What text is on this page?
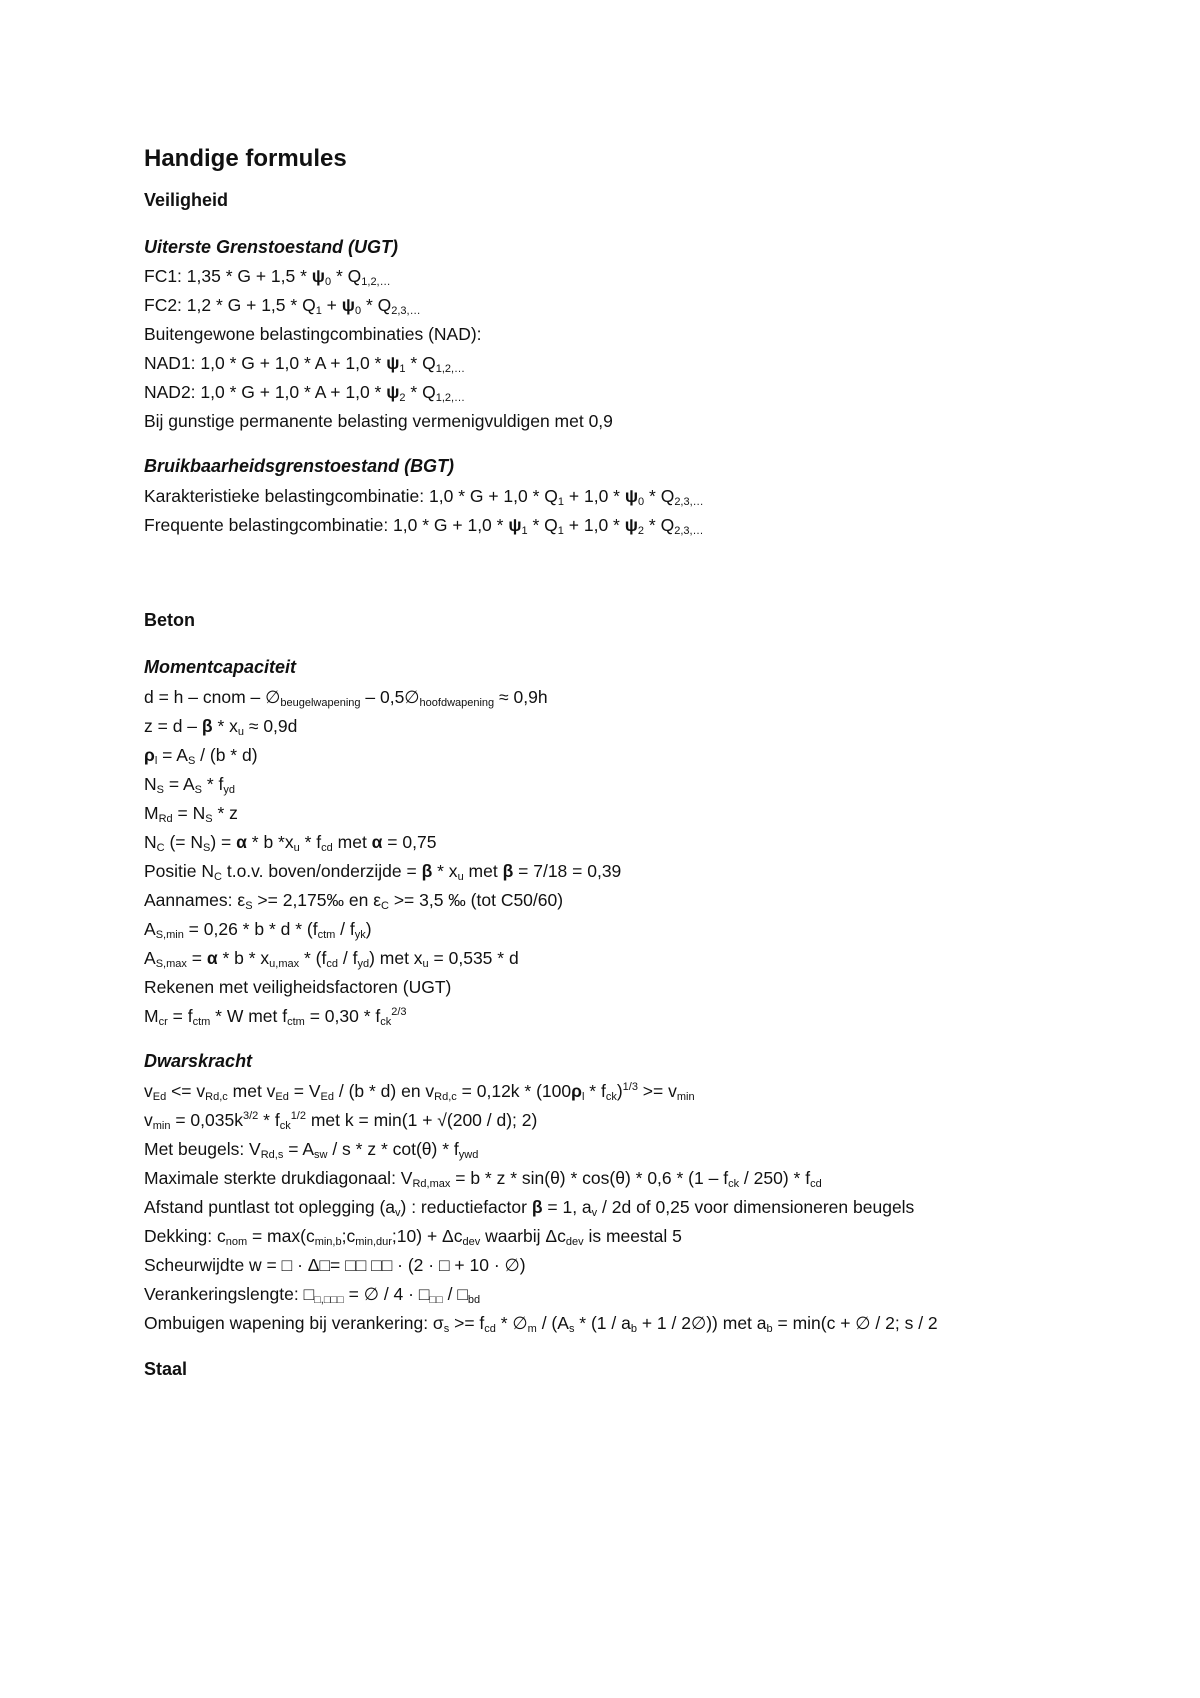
Handige formules
Veiligheid
Uiterste Grenstoestand (UGT)
FC1: $1,35 * G + 1,5 * \psi_0 * Q_{1,2,\dots}$
FC2: $1,2 * G + 1,5 * Q_1 + \psi_0 * Q_{2,3,\dots}$
Buitengewone belastingcombinaties (NAD):
NAD1: $1,0 * G + 1,0 * A + 1,0 * \psi_1 * Q_{1,2,\dots}$
NAD2: $1,0 * G + 1,0 * A + 1,0 * \psi_2 * Q_{1,2,\dots}$
Bij gunstige permanente belasting vermenigvuldigen met 0,9
Bruikbaarheidsgrenstoestand (BGT)
Karakteristieke belastingcombinatie: $1,0 * G + 1,0 * Q_1 + 1,0 * \psi_0 * Q_{2,3,\dots}$
Frequente belastingcombinatie: $1,0 * G + 1,0 * \psi_1 * Q_1 + 1,0 * \psi_2 * Q_{2,3,\dots}$
Beton
Momentcapaciteit
d = h – cnom – $\emptyset_{beugelwapening}$ – $0,5\emptyset_{hoofdwapening} \approx 0,9h$
$z = d - \beta * x_u \approx 0,9d$
$\rho_l = A_S / (b * d)$
$N_S = A_S * f_{yd}$
$M_{Rd} = N_S * z$
$N_C$ (= $N_S) = \alpha * b$ $*x_u * f_{cd}$ met α = 0,75
Positie $N_C$ t.o.v. boven/onderzijde = β * $x_u$ met β = 7/18 = 0,39
Aannames: $\varepsilon_S$ >= 2,175‰ en $\varepsilon_C >= 3,5$ ‰ (tot C50/60)
$A_{S,min} = 0,26 * b * d * (f_{ctm} / f_{yk})$
$A_{S,max} = \alpha * b * x_{u,max} * (f_{cd} / f_{yd})$ met $x_u = 0,535 * d$
Rekenen met veiligheidsfactoren (UGT)
$M_{cr} = f_{ctm} * W$ met $f_{ctm} = 0,30 * f_{ck}^{2/3}$
Dwarskracht
$v_{Ed} <= v_{Rd,c}$ met $v_{Ed} = V_{Ed} / (b * d)$ en $v_{Rd,c} = 0,12k * (100\rho_l * f_{ck})^{1/3} >= v_{min}$
$v_{min} = 0,035k^{3/2} * f_{ck}^{1/2}$ met k = min(1 + √(200 / d); 2)
Met beugels: $V_{Rd,s} = A_{sw} / s * z * \cot(\theta) * f_{ywd}$
Maximale sterkte drukdiagonaal: $V_{Rd,max} = b * z * \sin(\theta) * \cos(\theta) * 0,6 * (1 - f_{ck} / 250) * f_{cd}$
Afstand puntlast tot oplegging $(a_v)$ : reductiefactor β = 1, $a_v / 2d$ of 0,25 voor dimensioneren beugels
Dekking: $c_{nom}$ = $\max(c_{min,b};c_{min,dur};10) + \Delta c_{dev}$ waarbij $\Delta c_{dev}$ is meestal 5
Scheurwijdte w = □ · Δ□= □□ □□ · (2 · □ + 10 · ∅)
Verankeringslengte: $□_{□,□□□}$ = ∅ / $4 \cdot □_{□□}$ / $□_{bd}$
Ombuigen wapening bij verankering: $\sigma_s >= f_{cd}$ * $\emptyset_m / (A_s * (1 / a_b + 1$ / 2∅)) met $a_b = \min(c$ + ∅ / 2; s / 2
Staal
